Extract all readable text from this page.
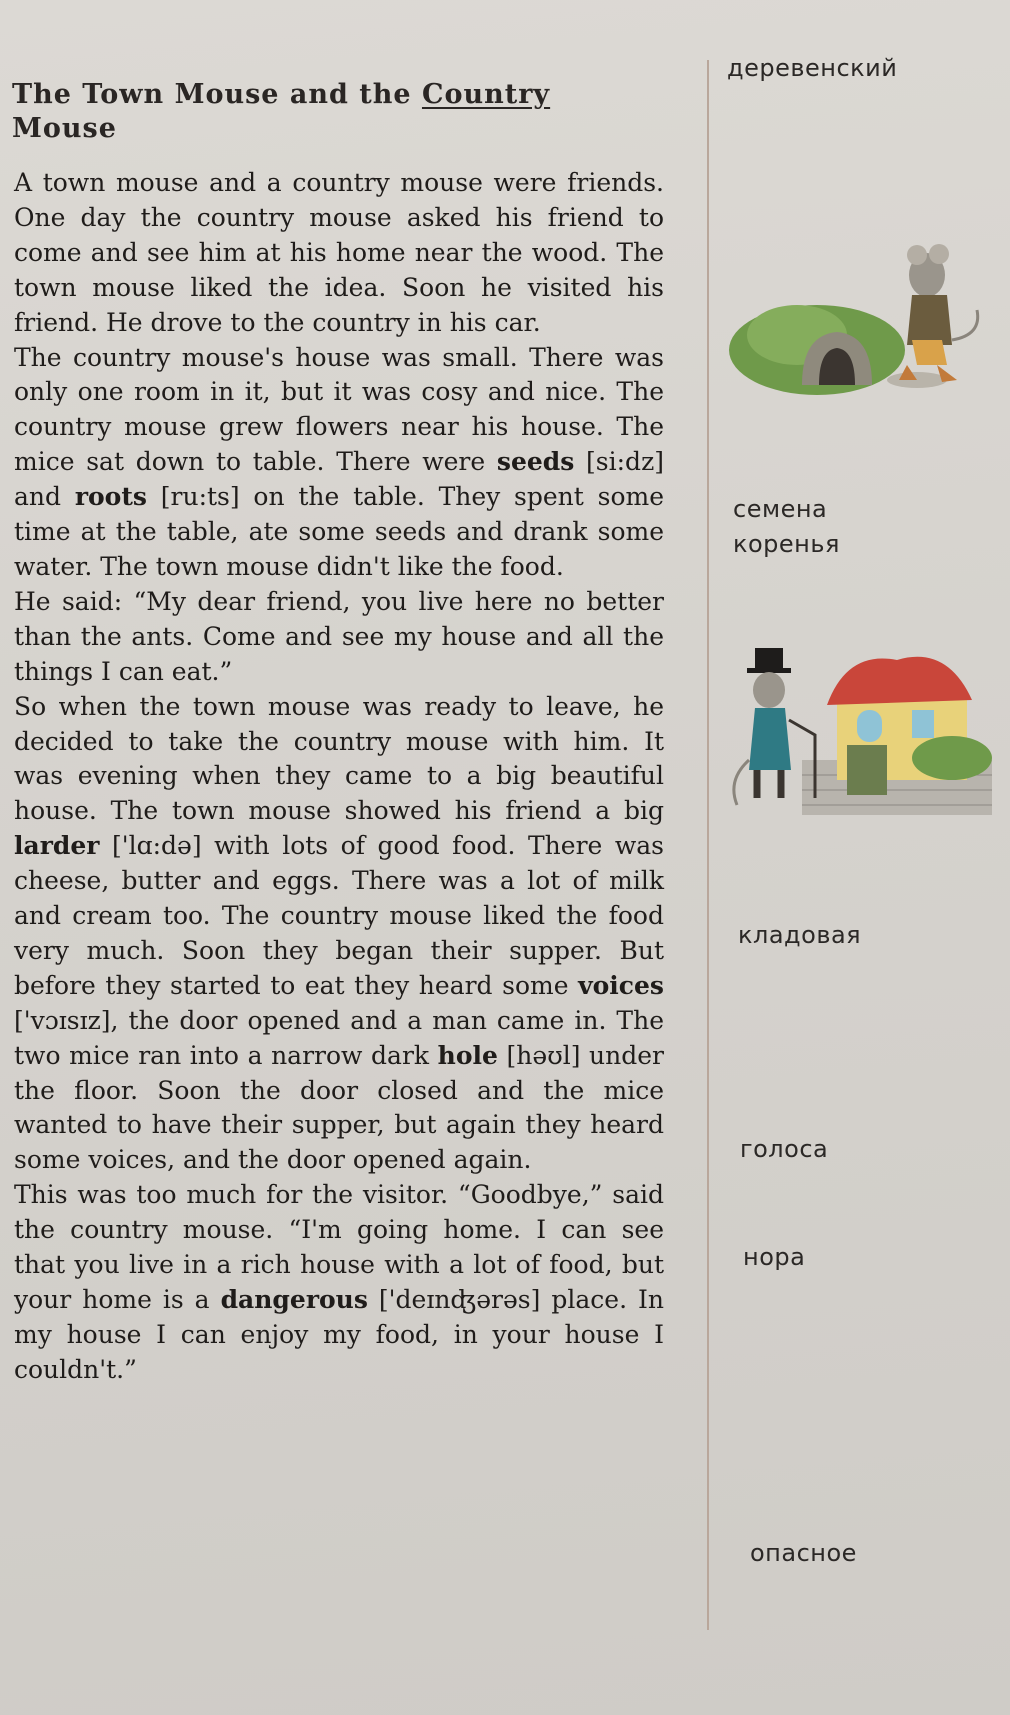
The Town Mouse and the Country
Mouse

A town mouse and a country mouse were friends. One day the country mouse asked his friend to come and see him at his home near the wood. The town mouse liked the idea. Soon he visited his friend. He drove to the country in his car.

The country mouse's house was small. There was only one room in it, but it was cosy and nice. The country mouse grew flowers near his house. The mice sat down to table. There were seeds [si:dz] and roots [ru:ts] on the table. They spent some time at the table, ate some seeds and drank some water. The town mouse didn't like the food.

He said: “My dear friend, you live here no better than the ants. Come and see my house and all the things I can eat.”

So when the town mouse was ready to leave, he decided to take the country mouse with him. It was evening when they came to a big beautiful house. The town mouse showed his friend a big larder ['lɑ:də] with lots of good food. There was cheese, butter and eggs. There was a lot of milk and cream too. The country mouse liked the food very much. Soon they began their supper. But before they started to eat they heard some voices ['vɔɪsɪz], the door opened and a man came in. The two mice ran into a narrow dark hole [həʊl] under the floor. Soon the door closed and the mice wanted to have their supper, but again they heard some voices, and the door opened again.

This was too much for the visitor. “Goodbye,” said the country mouse. “I'm going home. I can see that you live in a rich house with a lot of food, but your home is a dangerous ['deɪnʤərəs] place. In my house I can enjoy my food, in your house I couldn't.”

деревенский
семена
коренья
кладовая
голоса
нора
опасное
